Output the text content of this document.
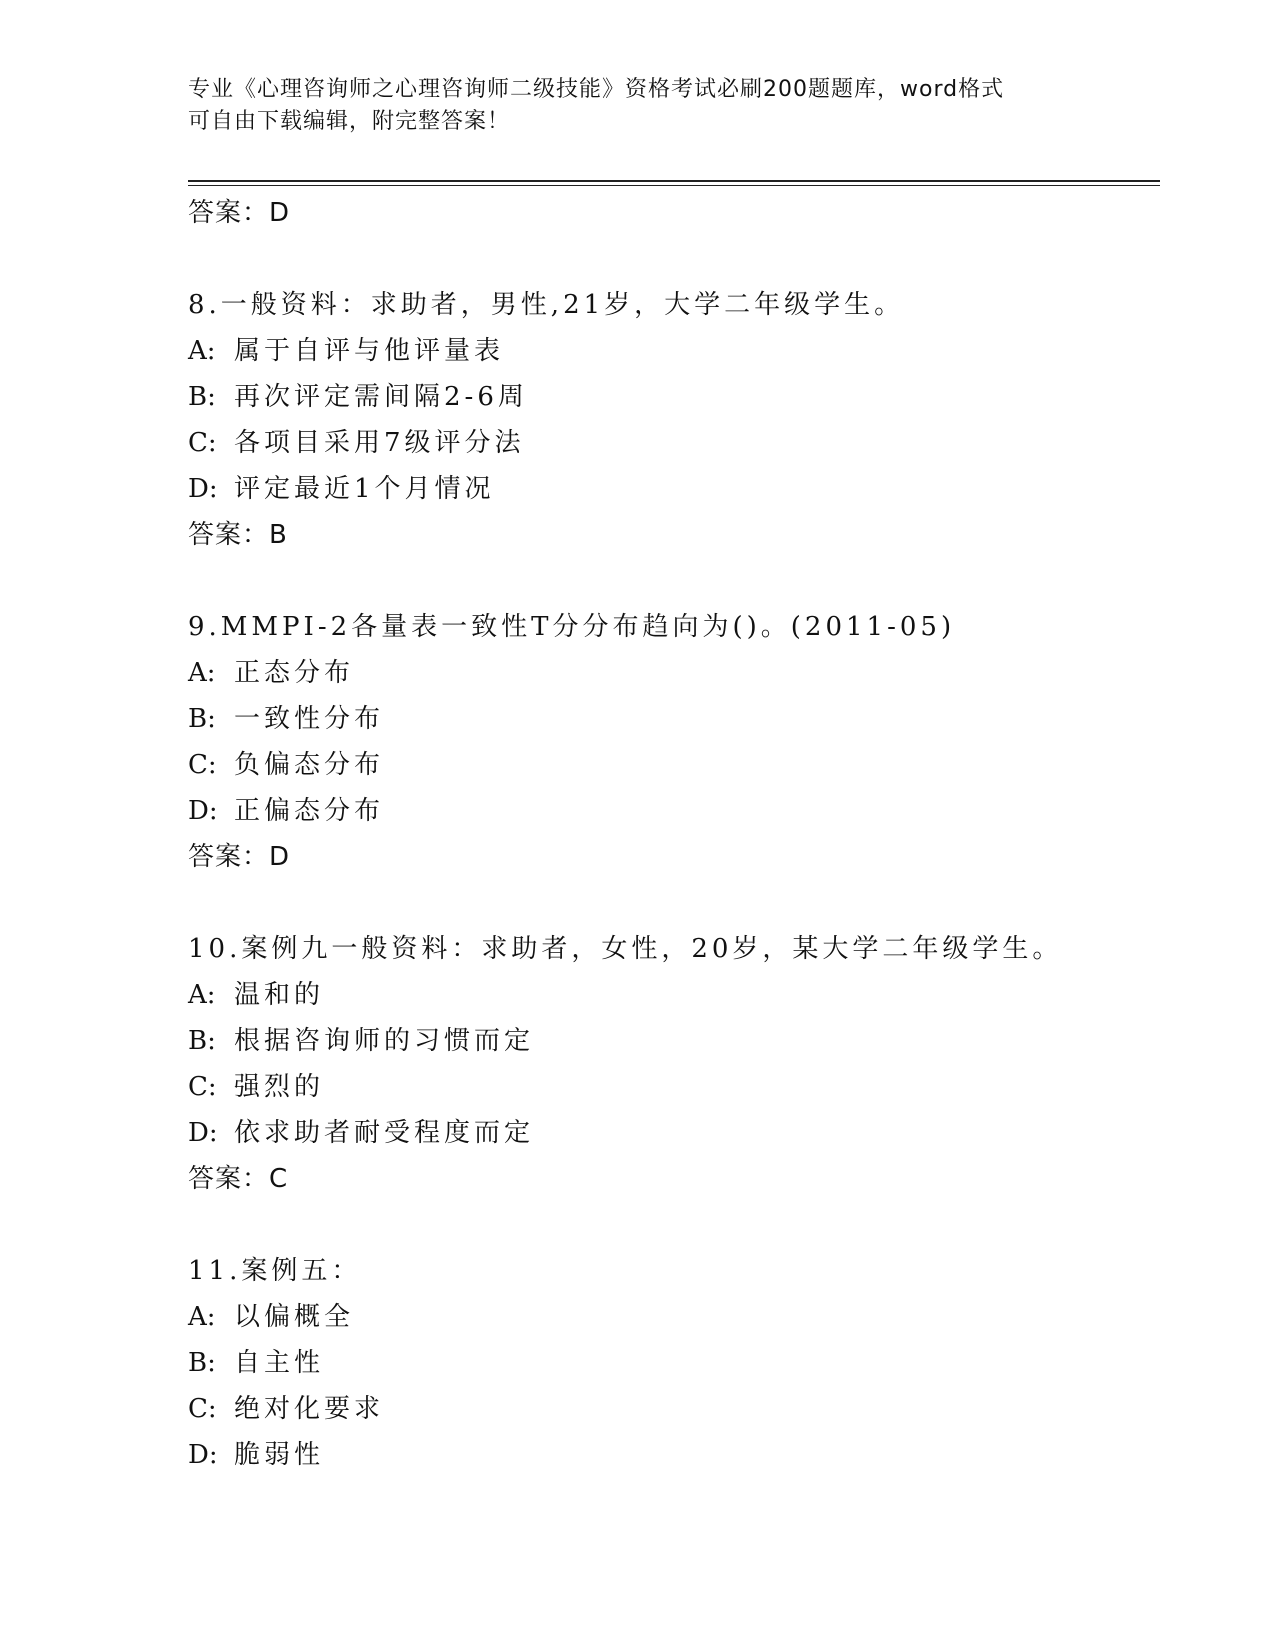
专业《心理咨询师之心理咨询师二级技能》资格考试必刷200题题库，word格式
可自由下载编辑，附完整答案！
答案：D
8.一般资料：求助者，男性,21岁，大学二年级学生。
A: 属于自评与他评量表
B: 再次评定需间隔2-6周
C: 各项目采用7级评分法
D: 评定最近1个月情况
答案：B
9.MMPI-2各量表一致性T分分布趋向为()。(2011-05)
A: 正态分布
B: 一致性分布
C: 负偏态分布
D: 正偏态分布
答案：D
10.案例九一般资料：求助者，女性，20岁，某大学二年级学生。
A: 温和的
B: 根据咨询师的习惯而定
C: 强烈的
D: 依求助者耐受程度而定
答案：C
11.案例五：
A: 以偏概全
B: 自主性
C: 绝对化要求
D: 脆弱性
